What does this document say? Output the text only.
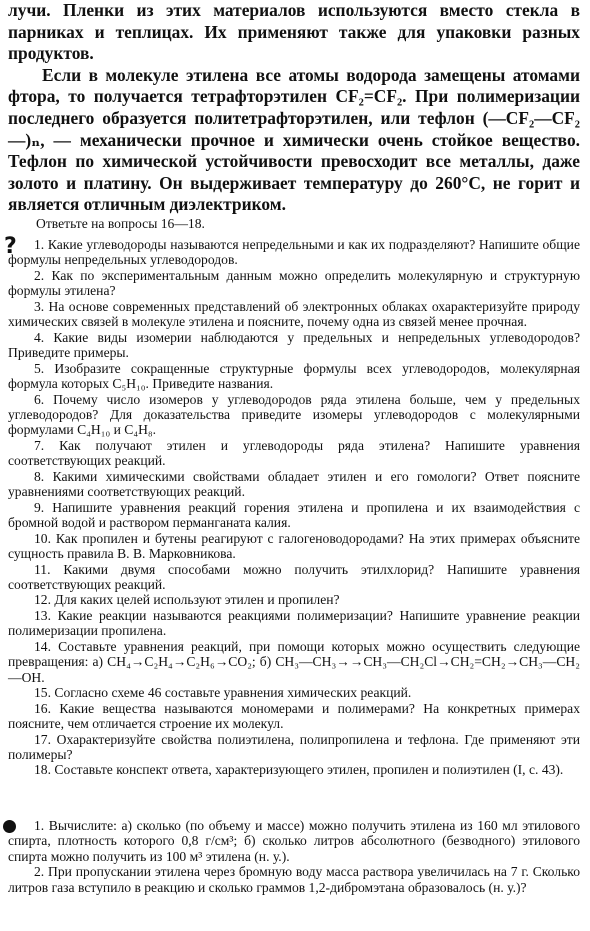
лучи. Пленки из этих материалов используются вместо стекла в парниках и теплицах. Их применяют также для упаковки разных продуктов.

Если в молекуле этилена все атомы водорода замещены атомами фтора, то получается тетрафторэтилен CF₂=CF₂. При полимеризации последнего образуется политетрафторэтилен, или тефлон (—CF₂—CF₂—)ₙ, — механически прочное и химически очень стойкое вещество. Тефлон по химической устойчивости превосходит все металлы, даже золото и платину. Он выдерживает температуру до 260°С, не горит и является отличным диэлектриком.

Ответьте на вопросы 16—18.
?	1. Какие углеводороды называются непредельными и как их подразделяют? Напишите общие формулы непредельных углеводородов.

2. Как по экспериментальным данным можно определить молекулярную и структурную формулы этилена?

3. На основе современных представлений об электронных облаках охарактеризуйте природу химических связей в молекуле этилена и поясните, почему одна из связей менее прочная.

4. Какие виды изомерии наблюдаются у предельных и непредельных углеводородов? Приведите примеры.

5. Изобразите сокращенные структурные формулы всех углеводородов, молекулярная формула которых C₅H₁₀. Приведите названия.

6. Почему число изомеров у углеводородов ряда этилена больше, чем у предельных углеводородов? Для доказательства приведите изомеры углеводородов с молекулярными формулами C₄H₁₀ и C₄H₈.

7. Как получают этилен и углеводороды ряда этилена? Напишите уравнения соответствующих реакций.

8. Какими химическими свойствами обладает этилен и его гомологи? Ответ поясните уравнениями соответствующих реакций.

9. Напишите уравнения реакций горения этилена и пропилена и их взаимодействия с бромной водой и раствором перманганата калия.

10. Как пропилен и бутены реагируют с галогеноводородами? На этих примерах объясните сущность правила В. В. Марковникова.

11. Какими двумя способами можно получить этилхлорид? Напишите уравнения соответствующих реакций.

12. Для каких целей используют этилен и пропилен?

13. Какие реакции называются реакциями полимеризации? Напишите уравнение реакции полимеризации пропилена.

14. Составьте уравнения реакций, при помощи которых можно осуществить следующие превращения: а) CH₄→C₂H₄→C₂H₆→CO₂; б) CH₃—CH₃→→CH₃—CH₂Cl→CH₂=CH₂→CH₃—CH₂—OH.

15. Согласно схеме 46 составьте уравнения химических реакций.

16. Какие вещества называются мономерами и полимерами? На конкретных примерах поясните, чем отличается строение их молекул.

17. Охарактеризуйте свойства полиэтилена, полипропилена и тефлона. Где применяют эти полимеры?

18. Составьте конспект ответа, характеризующего этилен, пропилен и полиэтилен (I, с. 43).

1. Вычислите: а) сколько (по объему и массе) можно получить этилена из 160 мл этилового спирта, плотность которого 0,8 г/см³; б) сколько литров абсолютного (безводного) этилового спирта можно получить из 100 м³ этилена (н. у.).

2. При пропускании этилена через бромную воду масса раствора увеличилась на 7 г. Сколько литров газа вступило в реакцию и сколько граммов 1,2-дибромэтана образовалось (н. у.)?
